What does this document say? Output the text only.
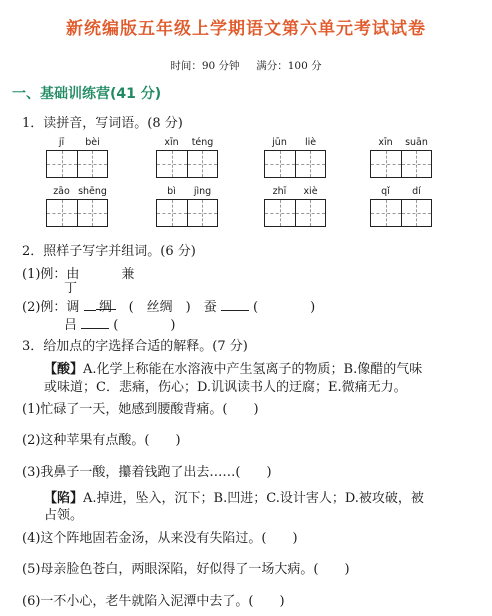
新统编版五年级上学期语文第六单元考试试卷
时间：90 分钟 满分：100 分
一、基础训练营(41 分)
1．读拼音，写词语。(8 分)
jī	bèi	xīn	téng	jūn	liè	xīn	suān
zāo shēng	bì	jìng	zhī	xiè	qǐ	dí
2．照样子写字并组词。(6 分)
(1)例：由	兼
丁
(2)例：调 绸　(　丝绸　)　蚕  (　　　　)
吕  (　　　　)
3．给加点的字选择合适的解释。(7 分)
【酸】A.化学上称能在水溶液中产生氢离子的物质；B.像醋的气味
或味道；C．悲痛，伤心；D.讥讽读书人的迂腐；E.微痛无力。
(1)忙碌了一天，她感到腰酸背痛。(　　)
(2)这种苹果有点酸。(　　)
(3)我鼻子一酸，攥着钱跑了出去……(　　)
【陷】A.掉进，坠入，沉下；B.凹进；C.设计害人；D.被攻破，被
占领。
(4)这个阵地固若金汤，从来没有失陷过。(　　)
(5)母亲脸色苍白，两眼深陷，好似得了一场大病。(　　)
(6)一不小心，老牛就陷入泥潭中去了。(　　)
